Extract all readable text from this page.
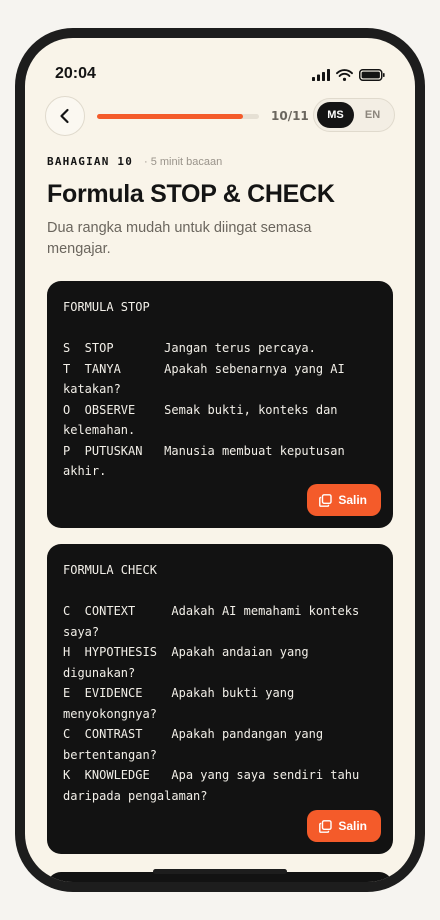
20:04
10/11	MS	EN
BAHAGIAN 10 · 5 minit bacaan
Formula STOP & CHECK
Dua rangka mudah untuk diingat semasa mengajar.
FORMULA STOP

S  STOP       Jangan terus percaya.
T  TANYA      Apakah sebenarnya yang AI katakan?
O  OBSERVE    Semak bukti, konteks dan kelemahan.
P  PUTUSKAN   Manusia membuat keputusan akhir.
Salin
FORMULA CHECK

C  CONTEXT     Adakah AI memahami konteks saya?
H  HYPOTHESIS  Apakah andaian yang digunakan?
E  EVIDENCE    Apakah bukti yang menyokongnya?
C  CONTRAST    Apakah pandangan yang bertentangan?
K  KNOWLEDGE   Apa yang saya sendiri tahu daripada pengalaman?
Salin
